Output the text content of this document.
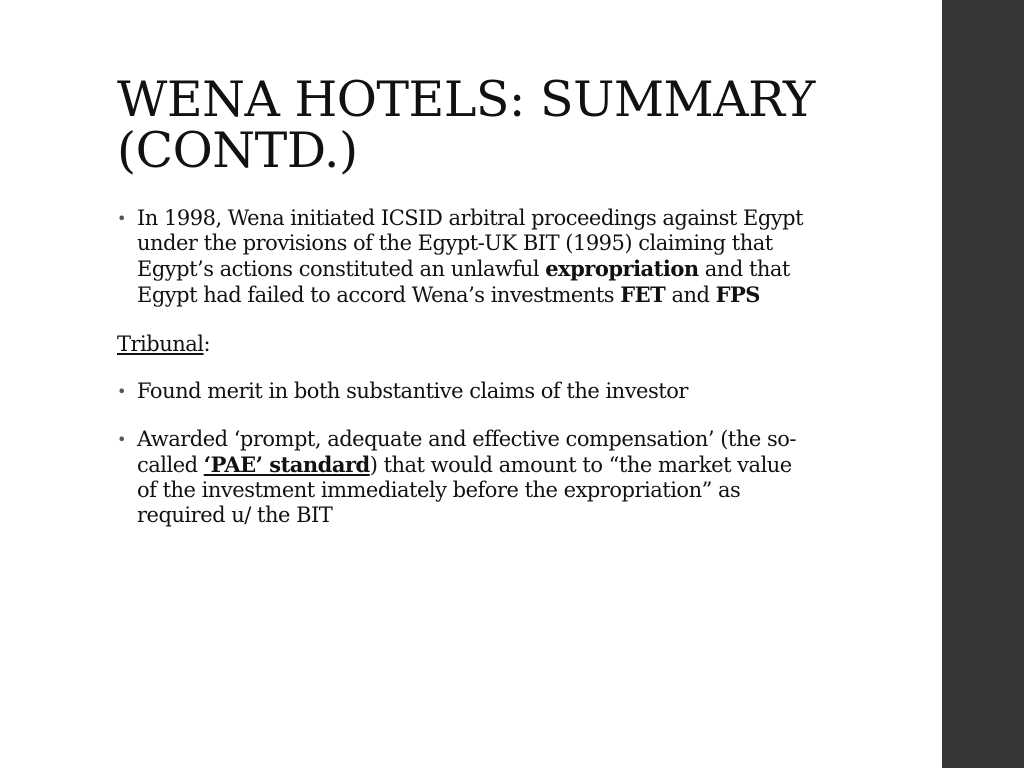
WENA HOTELS: SUMMARY
(CONTD.)

• In 1998, Wena initiated ICSID arbitral proceedings against Egypt under the provisions of the Egypt-UK BIT (1995) claiming that Egypt’s actions constituted an unlawful expropriation and that Egypt had failed to accord Wena’s investments FET and FPS

Tribunal:

• Found merit in both substantive claims of the investor

• Awarded ‘prompt, adequate and effective compensation’ (the so-called ‘PAE’ standard) that would amount to “the market value of the investment immediately before the expropriation” as required u/ the BIT
